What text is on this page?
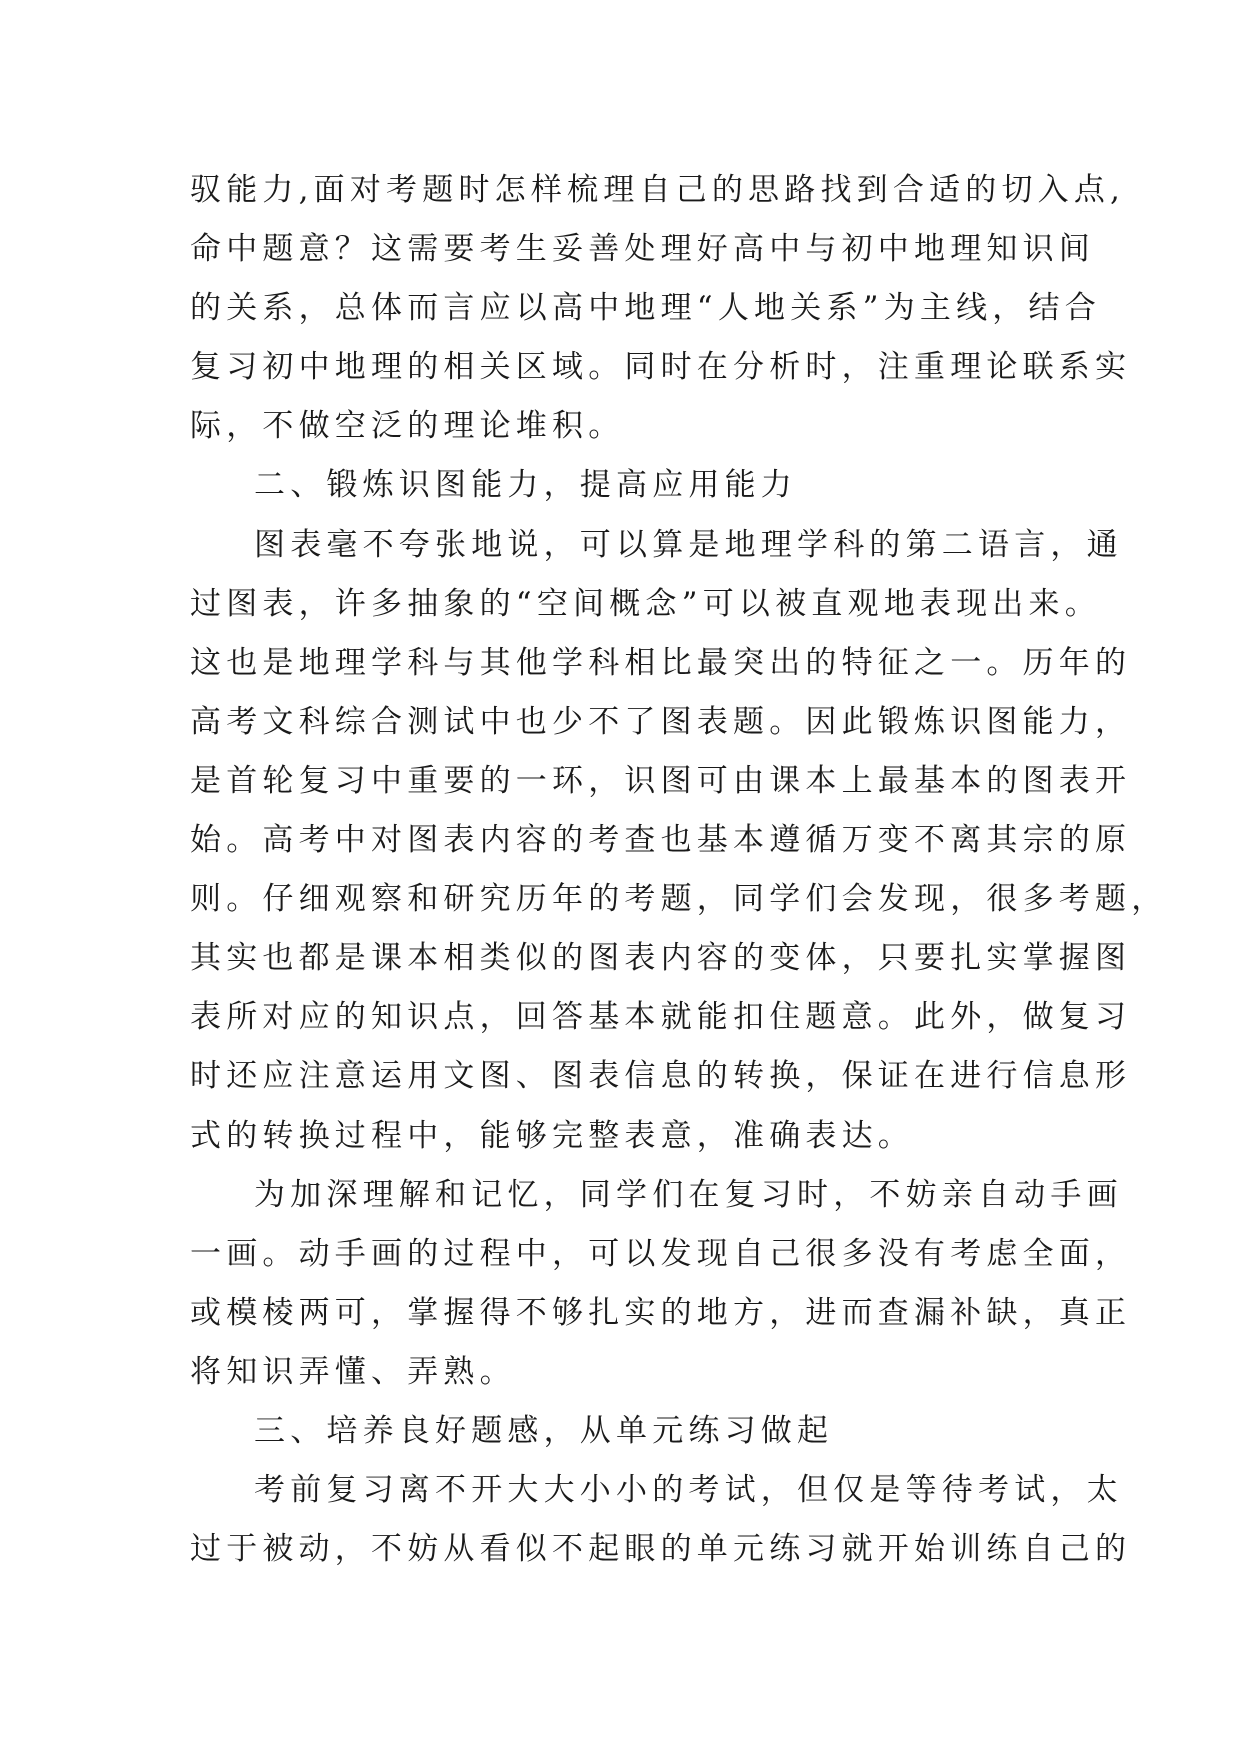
驭能力,面对考题时怎样梳理自己的思路找到合适的切入点,
命中题意？这需要考生妥善处理好高中与初中地理知识间
的关系，总体而言应以高中地理“人地关系”为主线，结合
复习初中地理的相关区域。同时在分析时，注重理论联系实
际，不做空泛的理论堆积。
二、锻炼识图能力，提高应用能力
图表毫不夸张地说，可以算是地理学科的第二语言，通
过图表，许多抽象的“空间概念”可以被直观地表现出来。
这也是地理学科与其他学科相比最突出的特征之一。历年的
高考文科综合测试中也少不了图表题。因此锻炼识图能力，
是首轮复习中重要的一环，识图可由课本上最基本的图表开
始。高考中对图表内容的考查也基本遵循万变不离其宗的原
则。仔细观察和研究历年的考题，同学们会发现，很多考题，
其实也都是课本相类似的图表内容的变体，只要扎实掌握图
表所对应的知识点，回答基本就能扣住题意。此外，做复习
时还应注意运用文图、图表信息的转换，保证在进行信息形
式的转换过程中，能够完整表意，准确表达。
为加深理解和记忆，同学们在复习时，不妨亲自动手画
一画。动手画的过程中，可以发现自己很多没有考虑全面，
或模棱两可，掌握得不够扎实的地方，进而查漏补缺，真正
将知识弄懂、弄熟。
三、培养良好题感，从单元练习做起
考前复习离不开大大小小的考试，但仅是等待考试，太
过于被动，不妨从看似不起眼的单元练习就开始训练自己的
